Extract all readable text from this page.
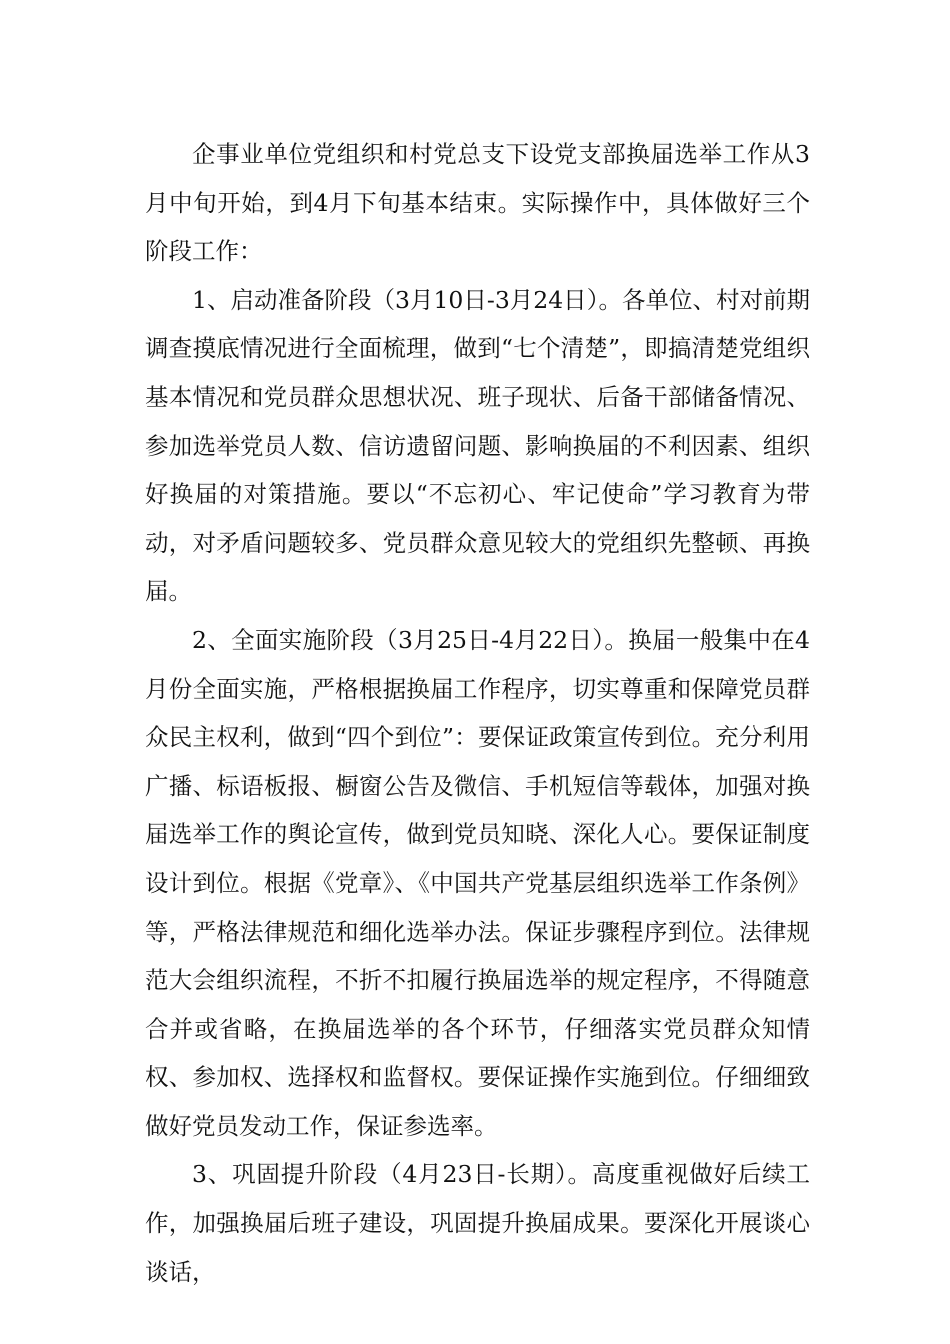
企事业单位党组织和村党总支下设党支部换届选举工作从3月中旬开始，到4月下旬基本结束。实际操作中，具体做好三个阶段工作：

1、启动准备阶段（3月10日-3月24日）。各单位、村对前期调查摸底情况进行全面梳理，做到“七个清楚”，即搞清楚党组织基本情况和党员群众思想状况、班子现状、后备干部储备情况、参加选举党员人数、信访遗留问题、影响换届的不利因素、组织好换届的对策措施。要以“不忘初心、牢记使命”学习教育为带动，对矛盾问题较多、党员群众意见较大的党组织先整顿、再换届。

2、全面实施阶段（3月25日-4月22日）。换届一般集中在4月份全面实施，严格根据换届工作程序，切实尊重和保障党员群众民主权利，做到“四个到位”：要保证政策宣传到位。充分利用广播、标语板报、橱窗公告及微信、手机短信等载体，加强对换届选举工作的舆论宣传，做到党员知晓、深化人心。要保证制度设计到位。根据《党章》、《中国共产党基层组织选举工作条例》等，严格法律规范和细化选举办法。保证步骤程序到位。法律规范大会组织流程，不折不扣履行换届选举的规定程序，不得随意合并或省略，在换届选举的各个环节，仔细落实党员群众知情权、参加权、选择权和监督权。要保证操作实施到位。仔细细致做好党员发动工作，保证参选率。

3、巩固提升阶段（4月23日-长期）。高度重视做好后续工作，加强换届后班子建设，巩固提升换届成果。要深化开展谈心谈话，
